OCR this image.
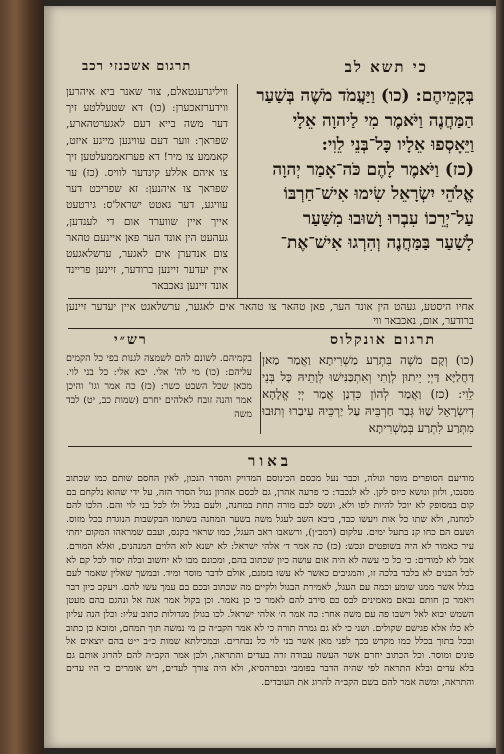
כי תשא לב
תרגום אשכנזי רכב

בְּקָמֵיהֶם: (כו) וַיַּעֲמֹד מֹשֶׁה בְּשַׁעַר

הַמַּחֲנֶה וַיֹּאמֶר מִי לַיהוָה אֵלָי

וַיֵּאָסְפוּ אֵלָיו כָּל־בְּנֵי לֵוִי:

(כז) וַיֹּאמֶר לָהֶם כֹּה־אָמַר יְהוָה

אֱלֹהֵי יִשְׂרָאֵל שִׂימוּ אִישׁ־חַרְבּוֹ

עַל־יְרֵכוֹ עִבְרוּ וָשׁוּבוּ מִשַּׁעַר

לָשַׁעַר בַּמַּחֲנֶה וְהִרְגוּ אִישׁ־אֶת־

וויליגרעגטאלם, צור שאנר ביא איהרען ווידערזאכערן: (כו) דא שטעללטע זיך דער משה בייא דעם לאגערטהארע, שפראך: ווער דעם עוויגען מייגע איזט, קאממע צו מיר! דא פערזאממעלטען זיך צו איהם אללע קינדער לוויס. (כז) ער שפראך צו איהנען: זא שפריכט דער עוויגע, דער גאטט ישראל'ס: גירטעט אייך איין שווערד אום די לענדען, געהעט הין אונד הער פאן איינעם טהאר צום אנדערן אים לאגער, ערשלאגעט איין יעדער זיינען ברודער, זיינען פריינד אונד זיינען נאכבאר

אחיו היסטע, געהט הין אונד הער, פאן טהאר צו טהאר אים לאגער, ערשלאגט איין יעדער זיינען ברודער, אום, נאכבאר ווי
תרגום אונקלוס
רש״י

(כו) וְקָם מֹשֶׁה בִּתְרַע מַשְׁרִיתָא וַאֲמַר מַאן דַּחֲלַיָּא דַּיְיָ יֵיתוּן לְוָתִי וְאִתְכַּנִּישׁוּ לְוָתֵיהּ כָּל בְּנֵי לֵוִי: (כז) וַאֲמַר לְהוֹן כִּדְנַן אֲמַר יְיָ אֱלָהָא דְיִשְׂרָאֵל שַׁוּוֹ גְּבַר חַרְבֵּיהּ עַל יַרְכֵּיהּ עִיבַרוּ וְתוּבוּ מִתְּרַע לִתְרַע בְּמַשְׁרִיתָא

בקמיהם. לשונם להם לשמצה לגנות בפי כל הקמים עליהם: (כו) מי לה' אלי. יבא אלי: כל בני לוי. מכאן שכל השבט כשר: (כז) כה אמר וגו' והיכן אמר והנה זובח לאלהים יחרם (שמות כב, יט) לבד משה

באור

מודיעם הסופרים מוסר וגולה, וכבר נעל מכסם הכינוסם המדויק והסדר הנכון, לאין החסם שותם כמו שכתוב מסנכו, ולזון ונושא כיוס לקן. לא לנכבד: כי פרעה אהרן, גם לכסם אהרון ננול הסדר הזה, על ידי שהוא נלקחם בם קום במסופק לא יוכל להיות לפו ולא, ונשס לכם מורה תחת במחנה, ולעם בגלל ולו לכל בני לוי והם. הלכו להם למחנה, ולא שתו כל אות ויעשו כבד, ביבא השב לעגל משה בשער המחנה בשתמו הבקשבות הנוגדת בכל מזוס. ושעם הם כחו קנ בתעל ימים. עלקום (רמב״ן), ורשאבו ראב העגל, כמו שראוי בקנס, ועבם שמראהו המקום יחתי עיר כאמור לא היה בשופטים ונכש: (כז) כה אמר ד׳ אלהי ישראל: לא ישנא לוא הלוים המנהנים, ואלא המורם. אבל לא למודים: כי כל כי עשה לא היה אום עושה כיון שכתוב בהם, ומכונם מבו לא יחשוב ובלה יסוד לכל קם לא לכל הבנים לא בלבד בלכה זו, והמגיבים כאשר לא עשו בזמנם, אולם לדבר מוסר ומיד. ובמשך שאלין שאמר לעם בגלל אשר ממנו שומע וכמה עם העגל, לאמירת הבגול ולקיים מה שכתוב ובכם בם עמך עשו להם. ויעקב כיון דבר ויאמר כן חותם נבאם מאמינים לבס כם סירב להם לאמר כי כן נאמר. וכן בקול אמר אגה אל ונהגם בהם מעטן השמש יבוא לאל וישבו פה עם משה אחר: כה אמר ה׳ אלהי ישראל. לכו בגולן מגדולות כתוב עליו: וכלן הנה עליון לא כלו אלא פגישם שקולים. ושני כי לא גם גמרה תורה כי לא אמר הקב״ה כן מי נמשה תוך תמחם, ומובא כן כתוב ובכל בתוך בכלל כמו מקדש בכך לפני מאן אשר בני לוי כל נבחרים. ובמכילתא שמות כ״ב י״ט בהם יוצאים אל פונים ומוסר. וכל הכתוב יחרם אשר העשה עבודה זרה בעדים והתראה, ולכן אמר הקב״ה להם להרוג אותם גם בלא עדים ובלא התראה לפי שהיה הדבר בפומבי ובפרהסיא, ולא היה צורך לעדים, ויש אומרים כי היו עדים והתראה, ומשה אמר להם בשם הקב״ה להרוג את העובדים.
